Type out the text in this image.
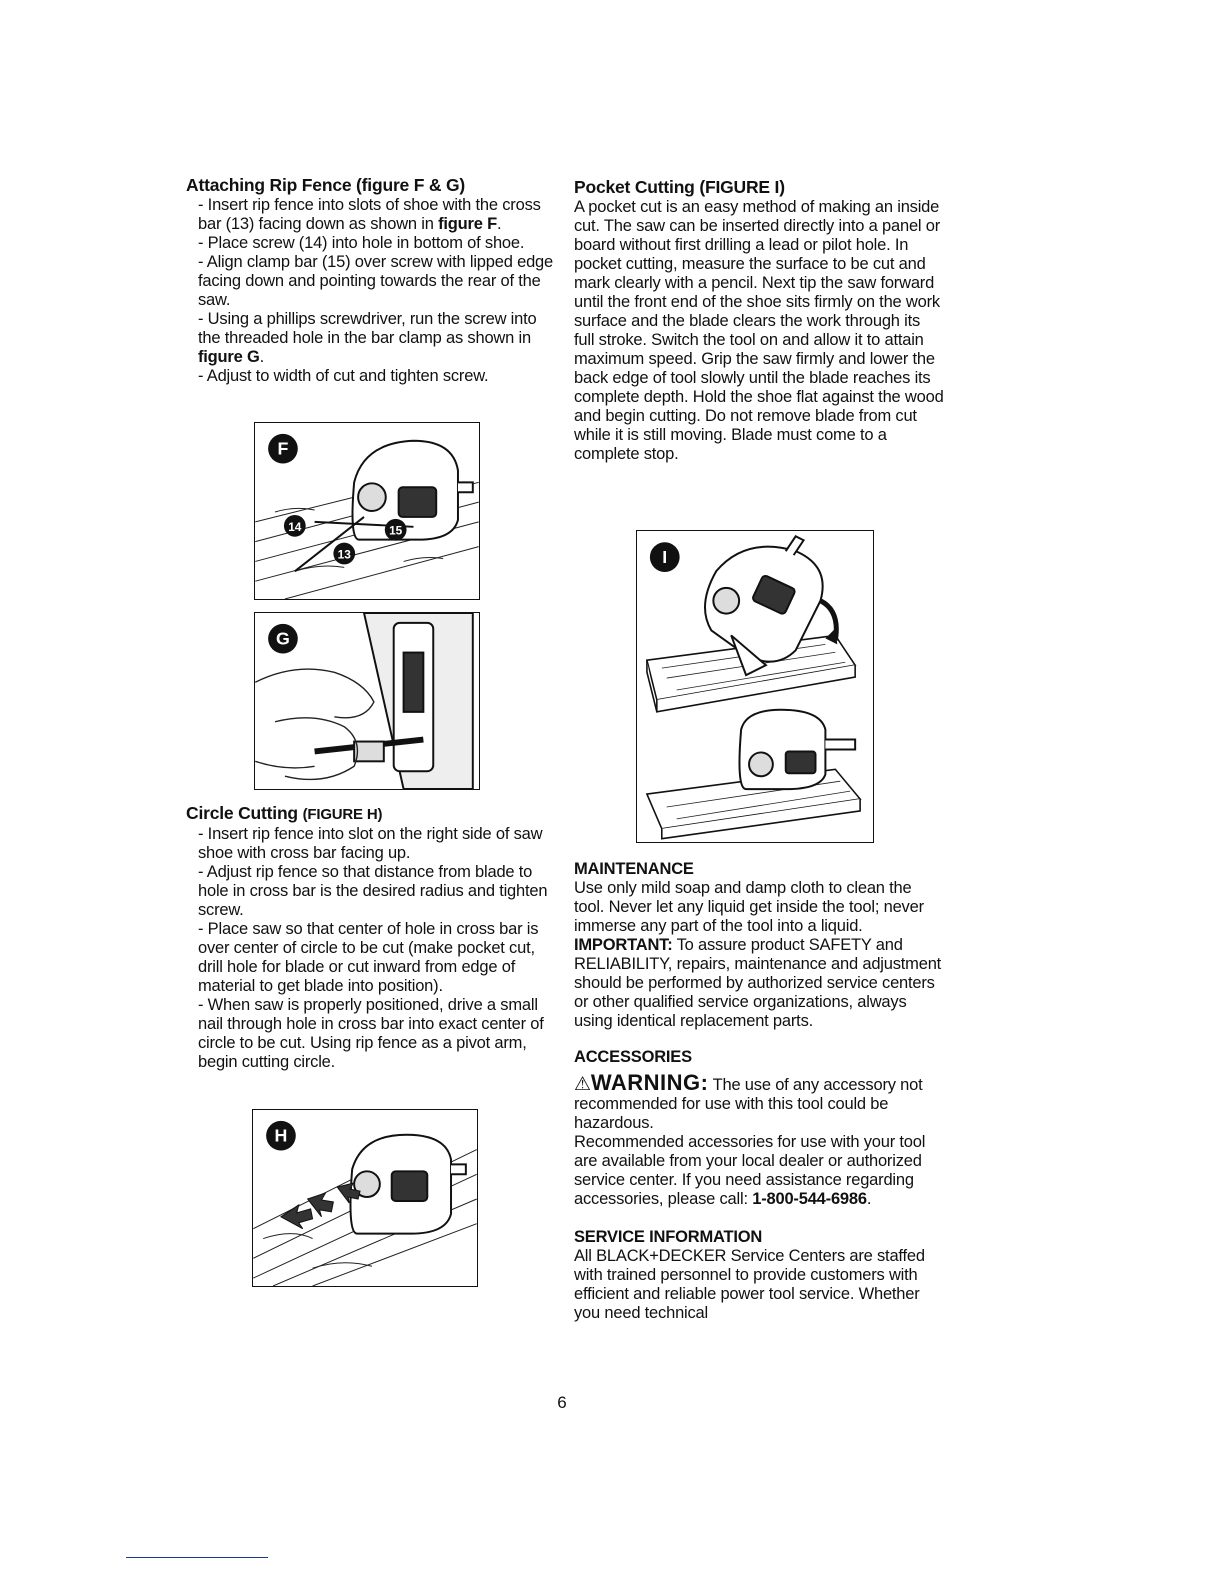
Attaching Rip Fence (figure F & G)

- Insert rip fence into slots of shoe with the cross bar (13) facing down as shown in figure F.

- Place screw (14) into hole in bottom of shoe.

- Align clamp bar (15) over screw with lipped edge facing down and pointing towards the rear of the saw.

- Using a phillips screwdriver, run the screw into the threaded hole in the bar clamp as shown in figure G.

- Adjust to width of cut and tighten screw.

F
14	15
13
G
Circle Cutting (FIGURE H)

- Insert rip fence into slot on the right side of saw shoe with cross bar facing up.

- Adjust rip fence so that distance from blade to hole in cross bar is the desired radius and tighten screw.

- Place saw so that center of hole in cross bar is over center of circle to be cut (make pocket cut, drill hole for blade or cut inward from edge of material to get blade into position).

- When saw is properly positioned, drive a small nail through hole in cross bar into exact center of circle to be cut. Using rip fence as a pivot arm, begin cutting circle.

H
Pocket Cutting (FIGURE I)

A pocket cut is an easy method of making an inside cut. The saw can be inserted directly into a panel or board without first drilling a lead or pilot hole. In pocket cutting, measure the surface to be cut and mark clearly with a pencil. Next tip the saw forward until the front end of the shoe sits firmly on the work surface and the blade clears the work through its full stroke. Switch the tool on and allow it to attain maximum speed. Grip the saw firmly and lower the back edge of tool slowly until the blade reaches its complete depth. Hold the shoe flat against the wood and begin cutting. Do not remove blade from cut while it is still moving. Blade must come to a complete stop.

I

MAINTENANCE

Use only mild soap and damp cloth to clean the tool. Never let any liquid get inside the tool; never immerse any part of the tool into a liquid.

IMPORTANT: To assure product SAFETY and RELIABILITY, repairs, maintenance and adjustment should be performed by authorized service centers or other qualified service organizations, always using identical replacement parts.

ACCESSORIES

⚠WARNING: The use of any accessory not recommended for use with this tool could be hazardous.

Recommended accessories for use with your tool are available from your local dealer or authorized service center. If you need assistance regarding accessories, please call: 1-800-544-6986.

SERVICE INFORMATION

All BLACK+DECKER Service Centers are staffed with trained personnel to provide customers with efficient and reliable power tool service. Whether you need technical

6
